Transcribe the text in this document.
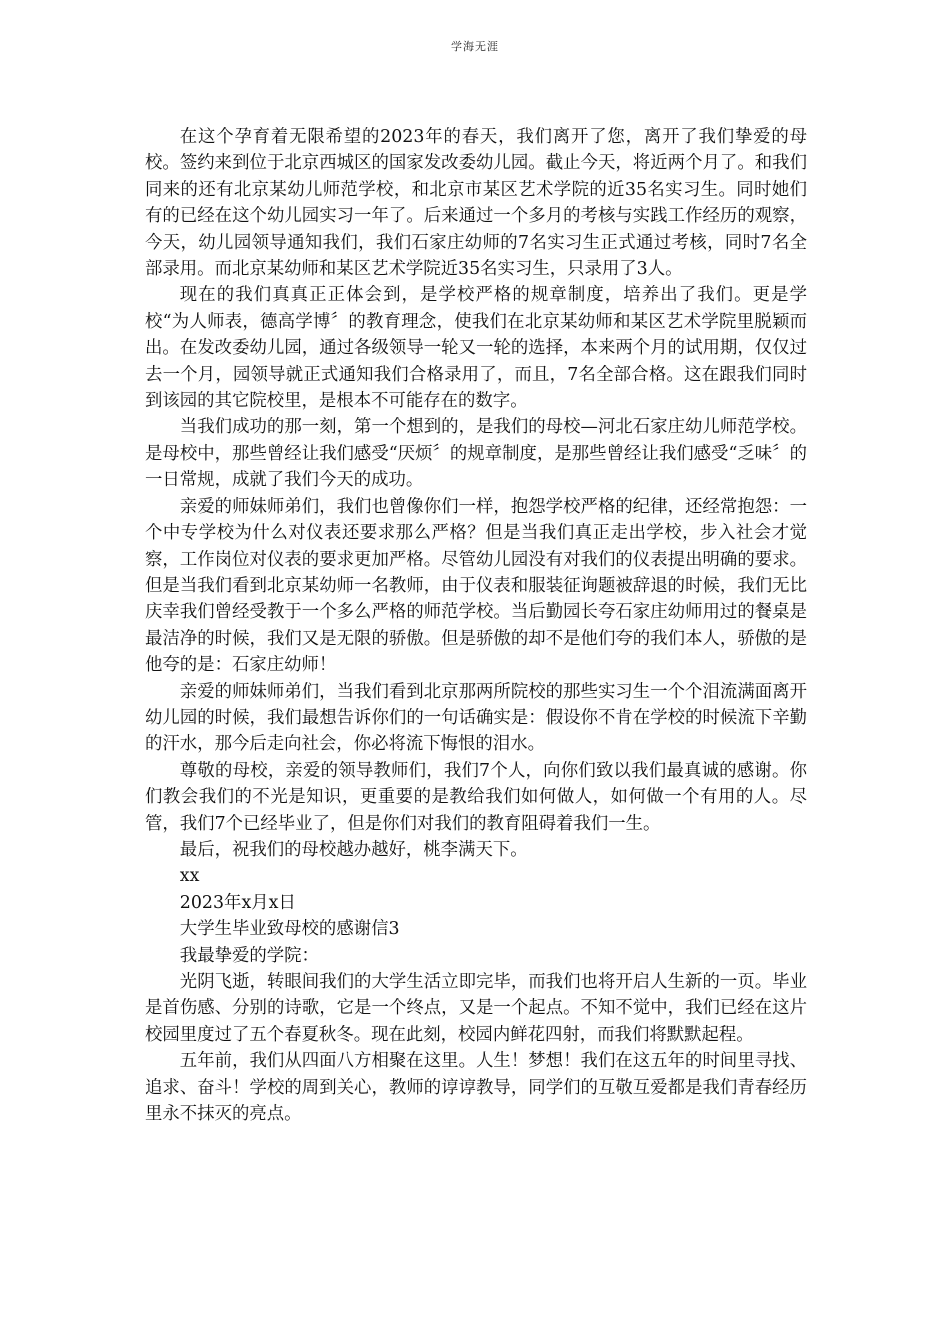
学海无涯

在这个孕育着无限希望的2023年的春天，我们离开了您，离开了我们挚爱的母校。签约来到位于北京西城区的国家发改委幼儿园。截止今天，将近两个月了。和我们同来的还有北京某幼儿师范学校，和北京市某区艺术学院的近35名实习生。同时她们有的已经在这个幼儿园实习一年了。后来通过一个多月的考核与实践工作经历的观察，今天，幼儿园领导通知我们，我们石家庄幼师的7名实习生正式通过考核，同时7名全部录用。而北京某幼师和某区艺术学院近35名实习生，只录用了3人。

现在的我们真真正正体会到，是学校严格的规章制度，培养出了我们。更是学校“为人师表，德高学博〞的教育理念，使我们在北京某幼师和某区艺术学院里脱颖而出。在发改委幼儿园，通过各级领导一轮又一轮的选择，本来两个月的试用期，仅仅过去一个月，园领导就正式通知我们合格录用了，而且，7名全部合格。这在跟我们同时到该园的其它院校里，是根本不可能存在的数字。

当我们成功的那一刻，第一个想到的，是我们的母校—河北石家庄幼儿师范学校。是母校中，那些曾经让我们感受“厌烦〞的规章制度，是那些曾经让我们感受“乏味〞的一日常规，成就了我们今天的成功。

亲爱的师妹师弟们，我们也曾像你们一样，抱怨学校严格的纪律，还经常抱怨：一个中专学校为什么对仪表还要求那么严格？但是当我们真正走出学校，步入社会才觉察，工作岗位对仪表的要求更加严格。尽管幼儿园没有对我们的仪表提出明确的要求。但是当我们看到北京某幼师一名教师，由于仪表和服装征询题被辞退的时候，我们无比庆幸我们曾经受教于一个多么严格的师范学校。当后勤园长夸石家庄幼师用过的餐桌是最洁净的时候，我们又是无限的骄傲。但是骄傲的却不是他们夸的我们本人，骄傲的是他夸的是：石家庄幼师！

亲爱的师妹师弟们，当我们看到北京那两所院校的那些实习生一个个泪流满面离开幼儿园的时候，我们最想告诉你们的一句话确实是：假设你不肯在学校的时候流下辛勤的汗水，那今后走向社会，你必将流下悔恨的泪水。

尊敬的母校，亲爱的领导教师们，我们7个人，向你们致以我们最真诚的感谢。你们教会我们的不光是知识，更重要的是教给我们如何做人，如何做一个有用的人。尽管，我们7个已经毕业了，但是你们对我们的教育阻碍着我们一生。

最后，祝我们的母校越办越好，桃李满天下。

xx

2023年x月x日

大学生毕业致母校的感谢信3

我最挚爱的学院：

光阴飞逝，转眼间我们的大学生活立即完毕，而我们也将开启人生新的一页。毕业是首伤感、分别的诗歌，它是一个终点，又是一个起点。不知不觉中，我们已经在这片校园里度过了五个春夏秋冬。现在此刻，校园内鲜花四射，而我们将默默起程。

五年前，我们从四面八方相聚在这里。人生！梦想！我们在这五年的时间里寻找、追求、奋斗！学校的周到关心，教师的谆谆教导，同学们的互敬互爱都是我们青春经历里永不抹灭的亮点。
